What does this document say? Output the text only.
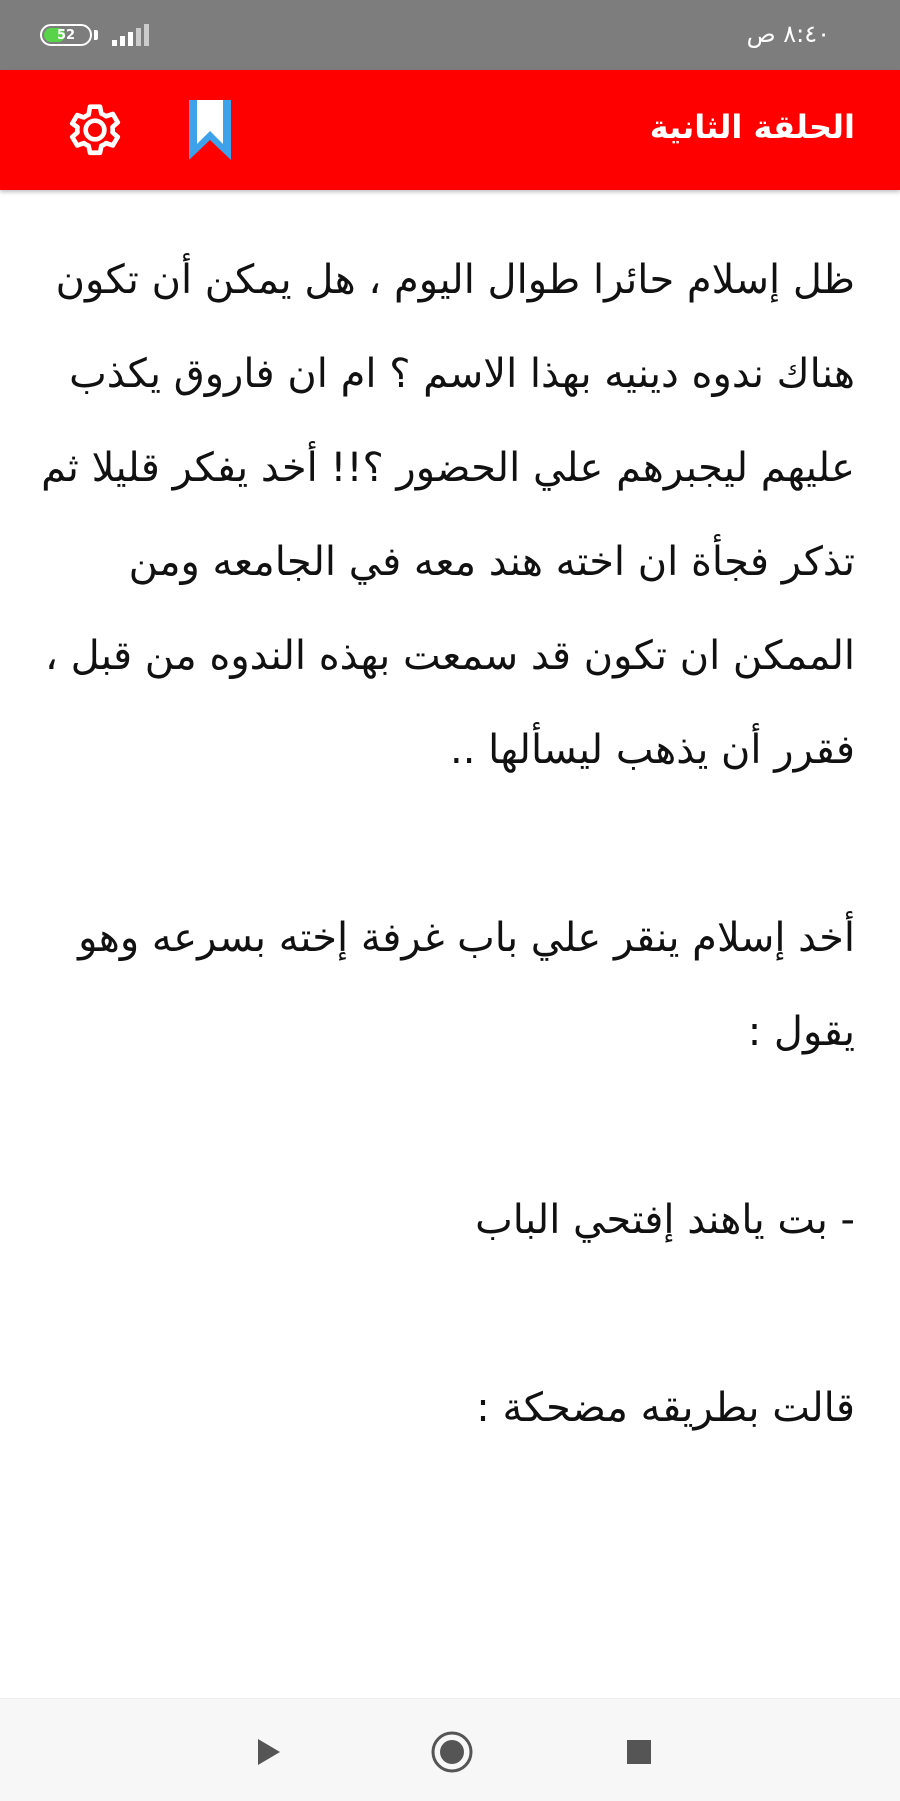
52	٨:٤٠ ص
الحلقة الثانية

ظل إسلام حائرا طوال اليوم ، هل يمكن أن تكون هناك ندوه دينيه بهذا الاسم ؟ ام ان فاروق يكذب عليهم ليجبرهم علي الحضور ؟!! أخد يفكر قليلا ثم تذكر فجأة ان اخته هند معه في الجامعه ومن الممكن ان تكون قد سمعت بهذه الندوه من قبل ، فقرر أن يذهب ليسألها ..

أخد إسلام ينقر علي باب غرفة إخته بسرعه وهو يقول :

- بت ياهند إفتحي الباب

قالت بطريقه مضحكة :
